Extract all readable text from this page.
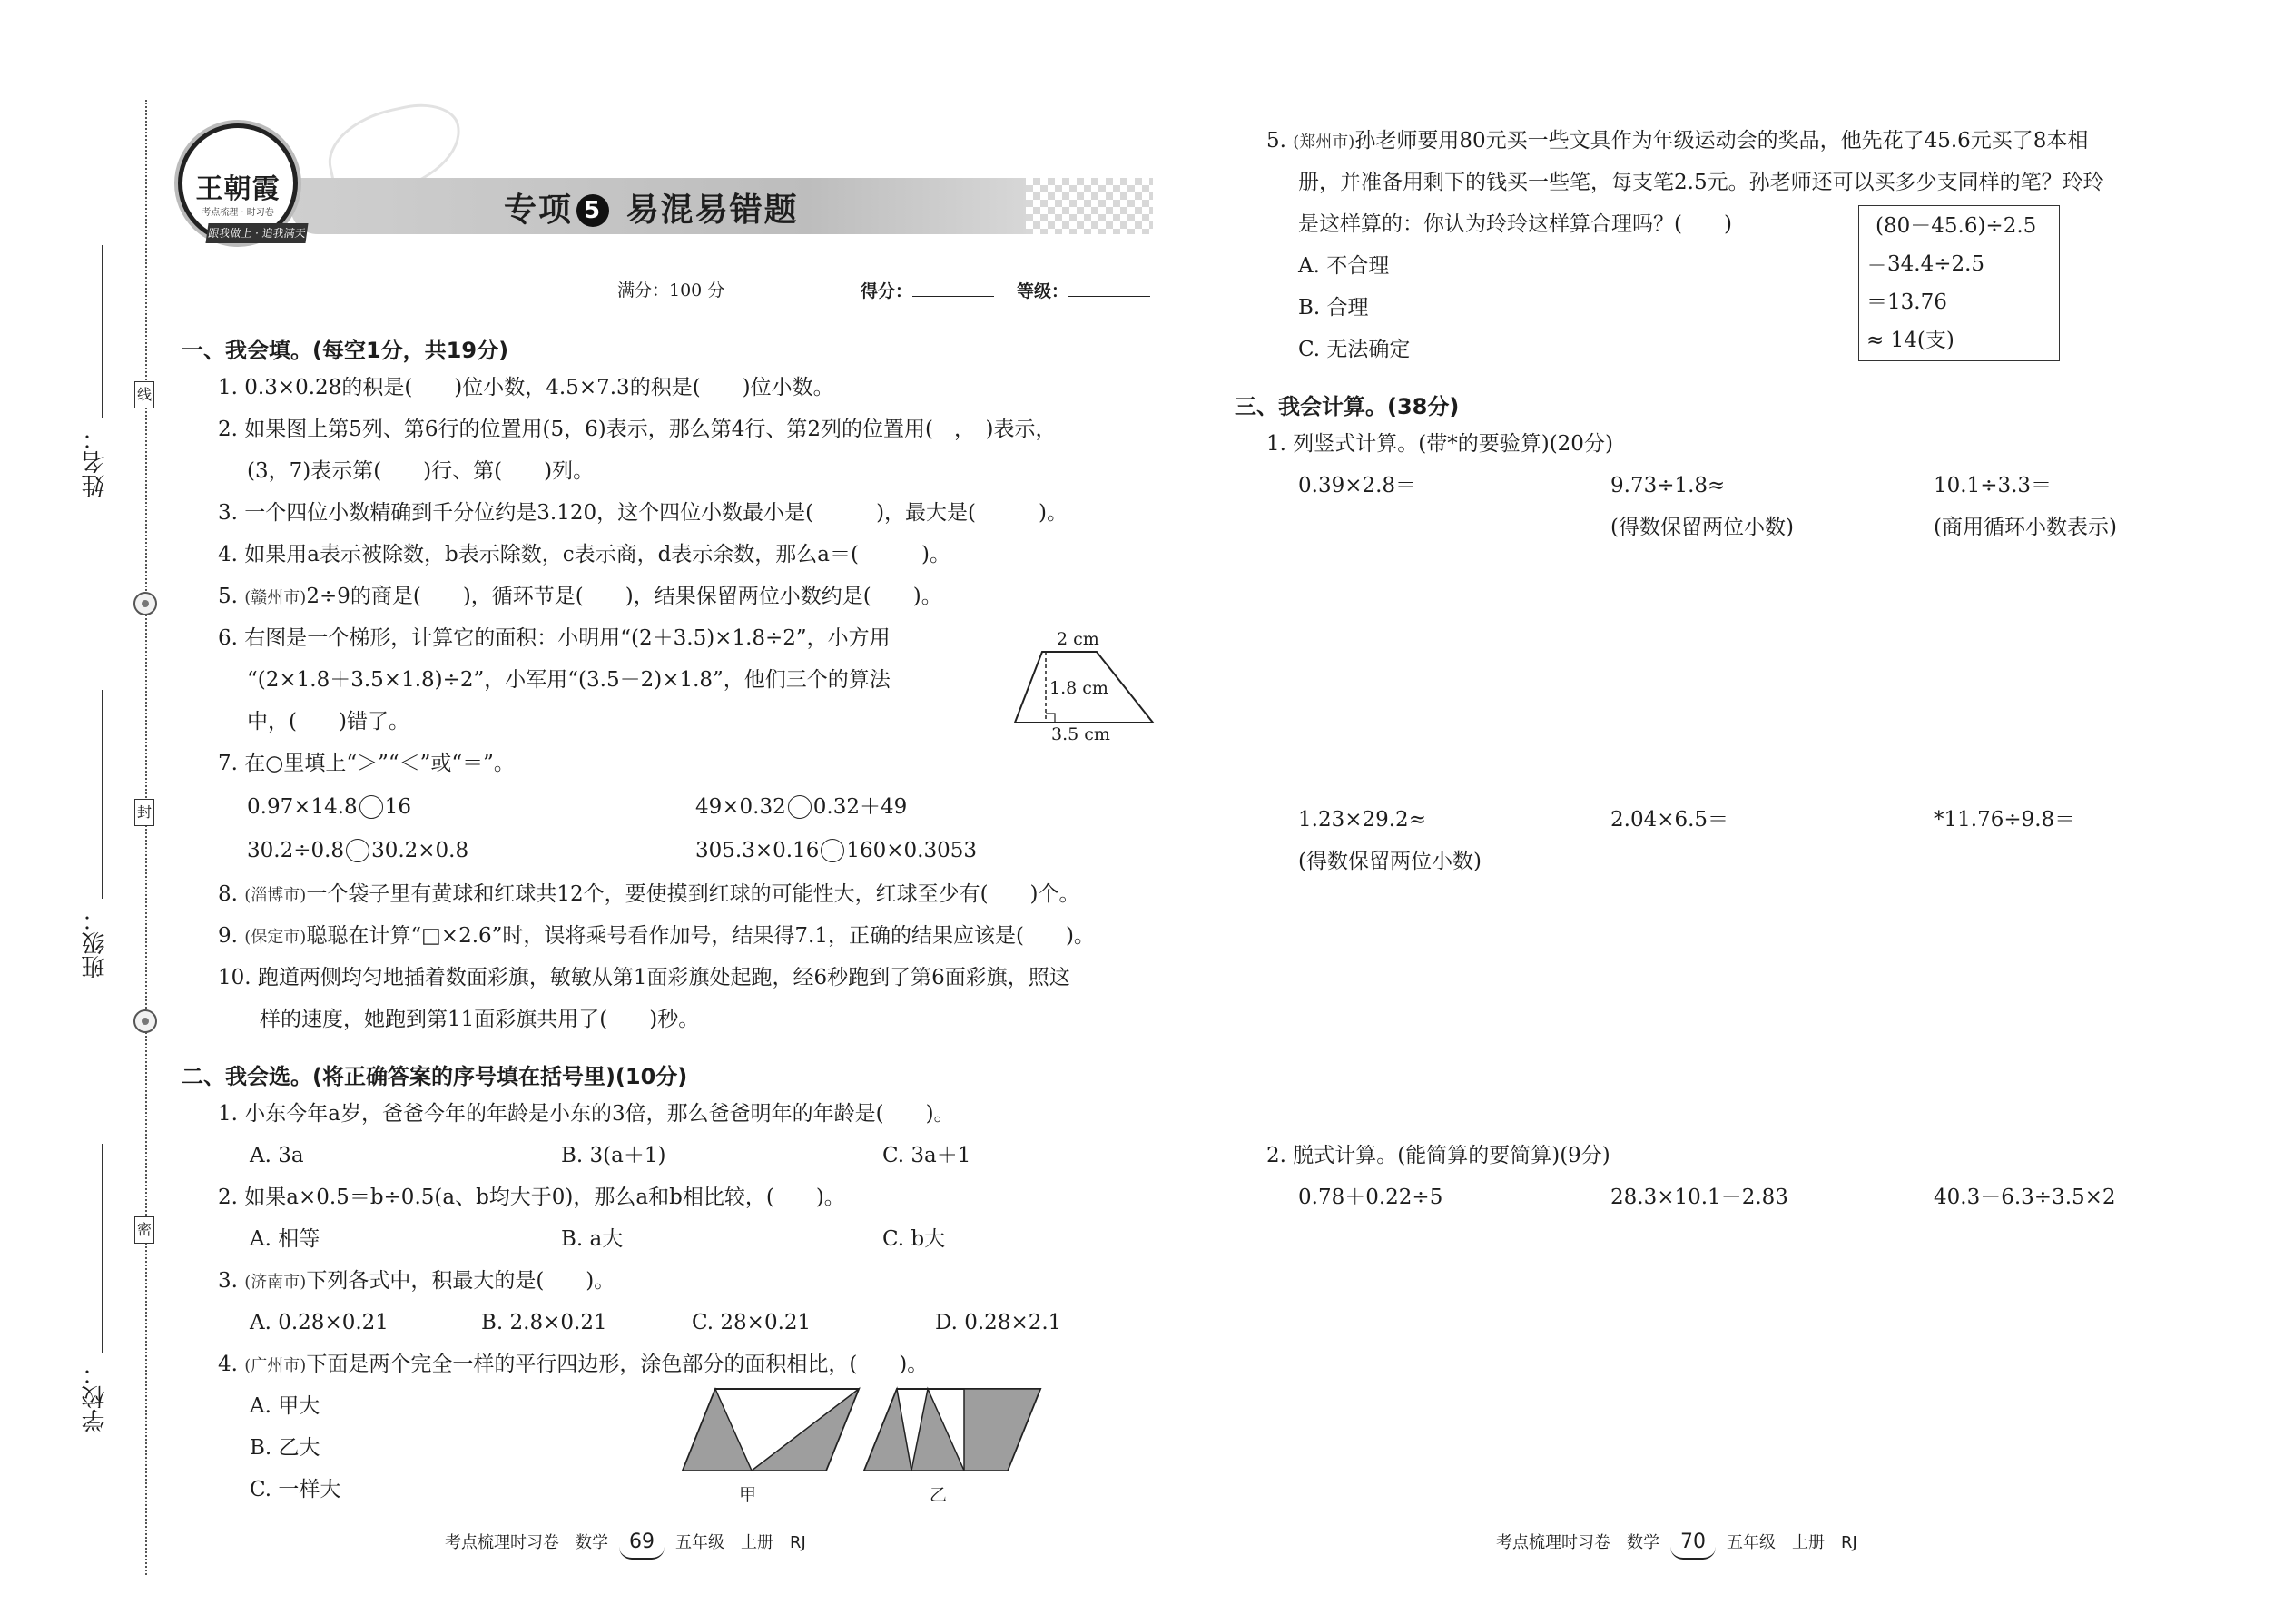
姓名：
班级：
学校：
线
封
密
王朝霞
考点梳理 · 时习卷
跟我做上 · 追我满天
专项 5 易混易错题
满分：100 分	得分：	等级：
一、我会填。(每空1分，共19分)
1. 0.3×0.28的积是(　　)位小数，4.5×7.3的积是(　　)位小数。
2. 如果图上第5列、第6行的位置用(5，6)表示，那么第4行、第2列的位置用(　，　)表示，
(3，7)表示第(　　)行、第(　　)列。
3. 一个四位小数精确到千分位约是3.120，这个四位小数最小是(　　　)，最大是(　　　)。
4. 如果用a表示被除数，b表示除数，c表示商，d表示余数，那么a＝(　　　)。
5. (赣州市)2÷9的商是(　　)，循环节是(　　)，结果保留两位小数约是(　　)。
6. 右图是一个梯形，计算它的面积：小明用“(2＋3.5)×1.8÷2”，小方用
“(2×1.8＋3.5×1.8)÷2”，小军用“(3.5－2)×1.8”，他们三个的算法
中，(　　)错了。
2 cm
1.8 cm
3.5 cm
7. 在○里填上“＞”“＜”或“＝”。
0.97×14.8 16	49×0.32 0.32＋49
30.2÷0.8 30.2×0.8	305.3×0.16 160×0.3053
8. (淄博市)一个袋子里有黄球和红球共12个，要使摸到红球的可能性大，红球至少有(　　)个。
9. (保定市)聪聪在计算“□×2.6”时，误将乘号看作加号，结果得7.1，正确的结果应该是(　　)。
10. 跑道两侧均匀地插着数面彩旗，敏敏从第1面彩旗处起跑，经6秒跑到了第6面彩旗，照这
样的速度，她跑到第11面彩旗共用了(　　)秒。
二、我会选。(将正确答案的序号填在括号里)(10分)
1. 小东今年a岁，爸爸今年的年龄是小东的3倍，那么爸爸明年的年龄是(　　)。
A. 3a	B. 3(a＋1)	C. 3a＋1
2. 如果a×0.5＝b÷0.5(a、b均大于0)，那么a和b相比较，(　　)。
A. 相等	B. a大	C. b大
3. (济南市)下列各式中，积最大的是(　　)。
A. 0.28×0.21	B. 2.8×0.21	C. 28×0.21	D. 0.28×2.1
4. (广州市)下面是两个完全一样的平行四边形，涂色部分的面积相比，(　　)。
A. 甲大
B. 乙大
C. 一样大	甲	乙
5. (郑州市)孙老师要用80元买一些文具作为年级运动会的奖品，他先花了45.6元买了8本相
册，并准备用剩下的钱买一些笔，每支笔2.5元。孙老师还可以买多少支同样的笔？玲玲
是这样算的：你认为玲玲这样算合理吗？(　　)
A. 不合理
B. 合理
C. 无法确定
(80－45.6)÷2.5
＝34.4÷2.5
＝13.76
≈ 14(支)
三、我会计算。(38分)
1. 列竖式计算。(带*的要验算)(20分)
0.39×2.8＝	9.73÷1.8≈	10.1÷3.3＝
(得数保留两位小数)	(商用循环小数表示)
1.23×29.2≈	2.04×6.5＝	*11.76÷9.8＝
(得数保留两位小数)
2. 脱式计算。(能简算的要简算)(9分)
0.78＋0.22÷5	28.3×10.1－2.83	40.3－6.3÷3.5×2
考点梳理时习卷　数学 69 五年级　上册　RJ	考点梳理时习卷　数学 70 五年级　上册　RJ
